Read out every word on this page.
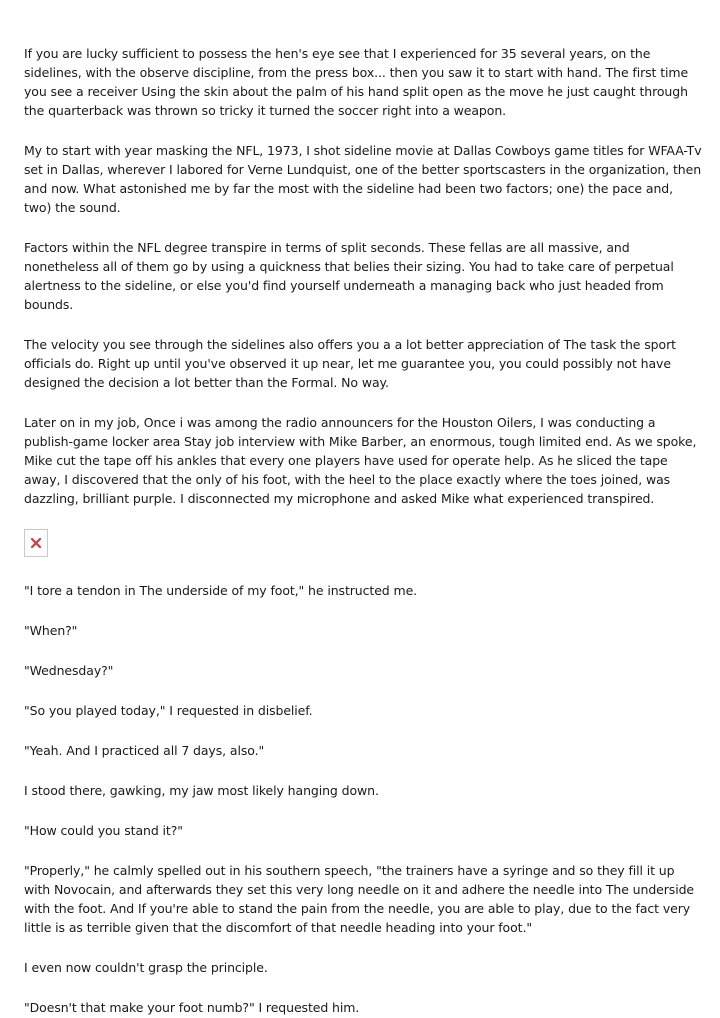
If you are lucky sufficient to possess the hen's eye see that I experienced for 35 several years, on the sidelines, with the observe discipline, from the press box... then you saw it to start with hand. The first time you see a receiver Using the skin about the palm of his hand split open as the move he just caught through the quarterback was thrown so tricky it turned the soccer right into a weapon.

My to start with year masking the NFL, 1973, I shot sideline movie at Dallas Cowboys game titles for WFAA-Tv set in Dallas, wherever I labored for Verne Lundquist, one of the better sportscasters in the organization, then and now. What astonished me by far the most with the sideline had been two factors; one) the pace and, two) the sound.

Factors within the NFL degree transpire in terms of split seconds. These fellas are all massive, and nonetheless all of them go by using a quickness that belies their sizing. You had to take care of perpetual alertness to the sideline, or else you'd find yourself underneath a managing back who just headed from bounds.

The velocity you see through the sidelines also offers you a a lot better appreciation of The task the sport officials do. Right up until you've observed it up near, let me guarantee you, you could possibly not have designed the decision a lot better than the Formal. No way.

Later on in my job, Once i was among the radio announcers for the Houston Oilers, I was conducting a publish-game locker area Stay job interview with Mike Barber, an enormous, tough limited end. As we spoke, Mike cut the tape off his ankles that every one players have used for operate help. As he sliced the tape away, I discovered that the only of his foot, with the heel to the place exactly where the toes joined, was dazzling, brilliant purple. I disconnected my microphone and asked Mike what experienced transpired.

"I tore a tendon in The underside of my foot," he instructed me.

"When?"

"Wednesday?"

"So you played today," I requested in disbelief.

"Yeah. And I practiced all 7 days, also."

I stood there, gawking, my jaw most likely hanging down.

"How could you stand it?"

"Properly," he calmly spelled out in his southern speech, "the trainers have a syringe and so they fill it up with Novocain, and afterwards they set this very long needle on it and adhere the needle into The underside with the foot. And If you're able to stand the pain from the needle, you are able to play, due to the fact very little is as terrible given that the discomfort of that needle heading into your foot."

I even now couldn't grasp the principle.

"Doesn't that make your foot numb?" I requested him.
